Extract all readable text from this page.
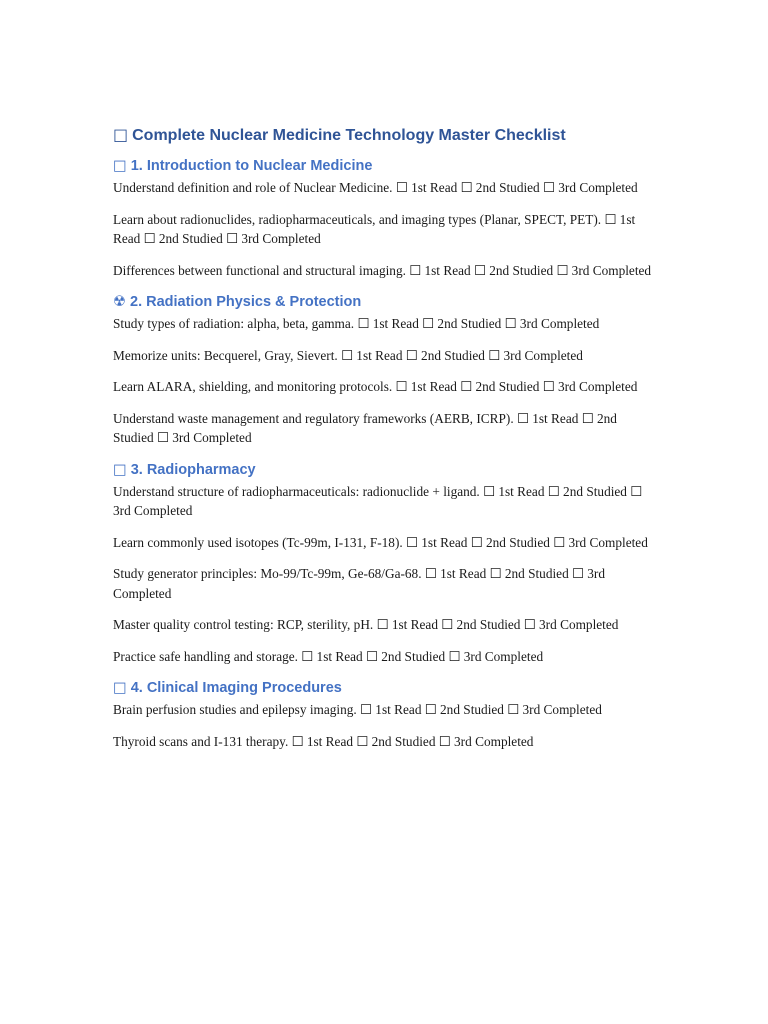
□ Complete Nuclear Medicine Technology Master Checklist
□ 1. Introduction to Nuclear Medicine
Understand definition and role of Nuclear Medicine. ☐ 1st Read ☐ 2nd Studied ☐ 3rd Completed
Learn about radionuclides, radiopharmaceuticals, and imaging types (Planar, SPECT, PET). ☐ 1st Read ☐ 2nd Studied ☐ 3rd Completed
Differences between functional and structural imaging. ☐ 1st Read ☐ 2nd Studied ☐ 3rd Completed
☢ 2. Radiation Physics & Protection
Study types of radiation: alpha, beta, gamma. ☐ 1st Read ☐ 2nd Studied ☐ 3rd Completed
Memorize units: Becquerel, Gray, Sievert. ☐ 1st Read ☐ 2nd Studied ☐ 3rd Completed
Learn ALARA, shielding, and monitoring protocols. ☐ 1st Read ☐ 2nd Studied ☐ 3rd Completed
Understand waste management and regulatory frameworks (AERB, ICRP). ☐ 1st Read ☐ 2nd Studied ☐ 3rd Completed
□ 3. Radiopharmacy
Understand structure of radiopharmaceuticals: radionuclide + ligand. ☐ 1st Read ☐ 2nd Studied ☐ 3rd Completed
Learn commonly used isotopes (Tc-99m, I-131, F-18). ☐ 1st Read ☐ 2nd Studied ☐ 3rd Completed
Study generator principles: Mo-99/Tc-99m, Ge-68/Ga-68. ☐ 1st Read ☐ 2nd Studied ☐ 3rd Completed
Master quality control testing: RCP, sterility, pH. ☐ 1st Read ☐ 2nd Studied ☐ 3rd Completed
Practice safe handling and storage. ☐ 1st Read ☐ 2nd Studied ☐ 3rd Completed
□ 4. Clinical Imaging Procedures
Brain perfusion studies and epilepsy imaging. ☐ 1st Read ☐ 2nd Studied ☐ 3rd Completed
Thyroid scans and I-131 therapy. ☐ 1st Read ☐ 2nd Studied ☐ 3rd Completed
